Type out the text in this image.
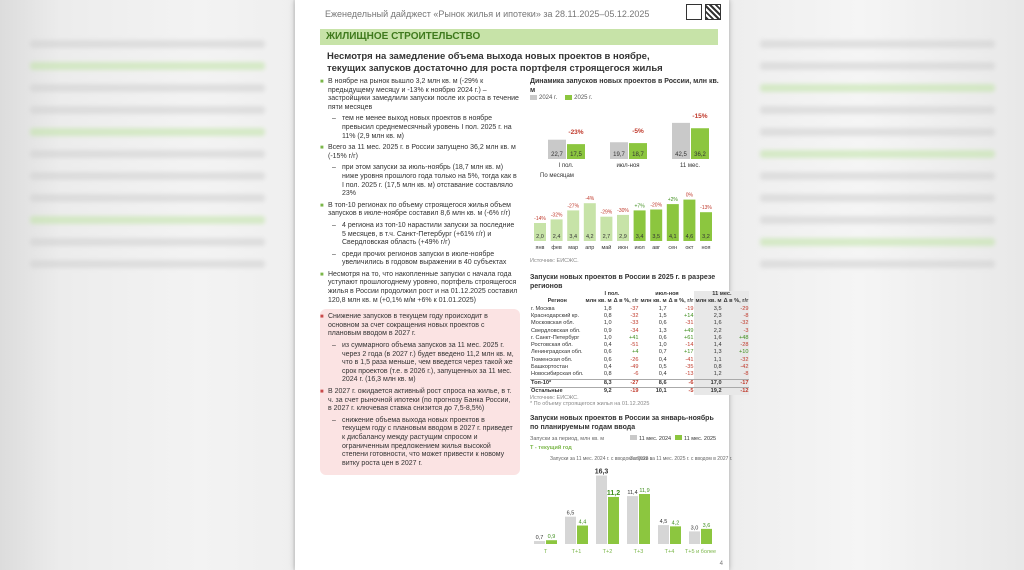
Еженедельный дайджест «Рынок жилья и ипотеки» за 28.11.2025–05.12.2025
ЖИЛИЩНОЕ СТРОИТЕЛЬСТВО
Несмотря на замедление объема выхода новых проектов в ноябре, текущих запусков достаточно для роста портфеля строящегося жилья

■ В ноябре на рынок вышло 3,2 млн кв. м (-29% к предыдущему месяцу и -13% к ноябрю 2024 г.) – застройщики замедлили запуски после их роста в течение пяти месяцев

– тем не менее выход новых проектов в ноябре превысил среднемесячный уровень I пол. 2025 г. на 11% (2,9 млн кв. м)

■ Всего за 11 мес. 2025 г. в России запущено 36,2 млн кв. м (-15% г/г)

– при этом запуски за июль-ноябрь (18,7 млн кв. м) ниже уровня прошлого года только на 5%, тогда как в I пол. 2025 г. (17,5 млн кв. м) отставание составляло 23%

■ В топ-10 регионах по объему строящегося жилья объем запусков в июле-ноябре составил 8,6 млн кв. м (-6% г/г)

– 4 региона из топ-10 нарастили запуски за последние 5 месяцев, в т.ч. Санкт-Петербург (+61% г/г) и Свердловская область (+49% г/г)

– среди прочих регионов запуски в июле-ноябре увеличились в годовом выражении в 40 субъектах

■ Несмотря на то, что накопленные запуски с начала года уступают прошлогоднему уровню, портфель строящегося жилья в России продолжил рост и на 01.12.2025 составил 120,8 млн кв. м (+0,1% м/м +6% к 01.01.2025)

■ Снижение запусков в текущем году происходит в основном за счет сокращения новых проектов с плановым вводом в 2027 г.

– из суммарного объема запусков за 11 мес. 2025 г. через 2 года (в 2027 г.) будет введено 11,2 млн кв. м, что в 1,5 раза меньше, чем введется через такой же срок проектов (т.е. в 2026 г.), запущенных за 11 мес. 2024 г. (16,3 млн кв. м)

■ В 2027 г. ожидается активный рост спроса на жилье, в т. ч. за счет рыночной ипотеки (по прогнозу Банка России, в 2027 г. ключевая ставка снизится до 7,5-8,5%)

– снижение объема выхода новых проектов в текущем году с плановым вводом в 2027 г. приведет к дисбалансу между растущим спросом и ограниченным предложением жилья высокой степени готовности, что может привести к новому витку роста цен в 2027 г.

Динамика запусков новых проектов в России, млн кв. м
2024 г.	2025 г.
22,7 17,5
-23%
I пол.
19,7 18,7
-5%
июл-ноя
42,5 36,2
-15%
11 мес.
По месяцам
2,0
-14%
янв
2,4
-32%
фев
3,4
-27%
мар
4,2
-4%
апр
2,7
-29%
май
2,9
-30%
июн
3,4
+7%
июл
3,5
-20%
авг
4,1
+2%
сен
4,6
0%
окт
3,2
-13%
ноя
Источник: ЕИСЖС.
Запуски новых проектов в России в 2025 г. в разрезе регионов
	I пол.		июл-ноя		11 мес.	
Регион	млн кв. м	Δ в %, г/г	млн кв. м	Δ в %, г/г	млн кв. м	Δ в %, г/г
г. Москва	1,8	-37	1,7	-19	3,5	-29
Краснодарский кр.	0,8	-32	1,5	+14	2,3	-8
Московская обл.	1,0	-33	0,6	-31	1,6	-32
Свердловская обл.	0,9	-34	1,3	+49	2,2	-3
г. Санкт-Петербург	1,0	+41	0,6	+61	1,6	+48
Ростовская обл.	0,4	-51	1,0	-14	1,4	-28
Ленинградская обл.	0,6	+4	0,7	+17	1,3	+10
Тюменская обл.	0,6	-26	0,4	-41	1,1	-32
Башкортостан	0,4	-49	0,5	-35	0,8	-42
Новосибирская обл.	0,8	-6	0,4	-13	1,2	-8
Топ-10*	8,3	-27	8,6	-6	17,0	-17
Остальные	9,2	-19	10,1	-5	19,2	-12
Источник: ЕИСЖС.
* По объему строящегося жилья на 01.12.2025
Запуски новых проектов в России за январь-ноябрь по планируемым годам ввода
Запуски за период, млн кв. м	11 мес. 2024 11 мес. 2025
T - текущий год
Запуски за 11 мес. 2024 г. с вводом в 2026 г.
Запуски за 11 мес. 2025 г. с вводом в 2027 г.
0,7 0,9
T
6,5
4,4
T+1
16,3
11,2
T+2
11,4 11,9
T+3
4,5 4,2
T+4
3,0 3,6
T+5 и более
4
